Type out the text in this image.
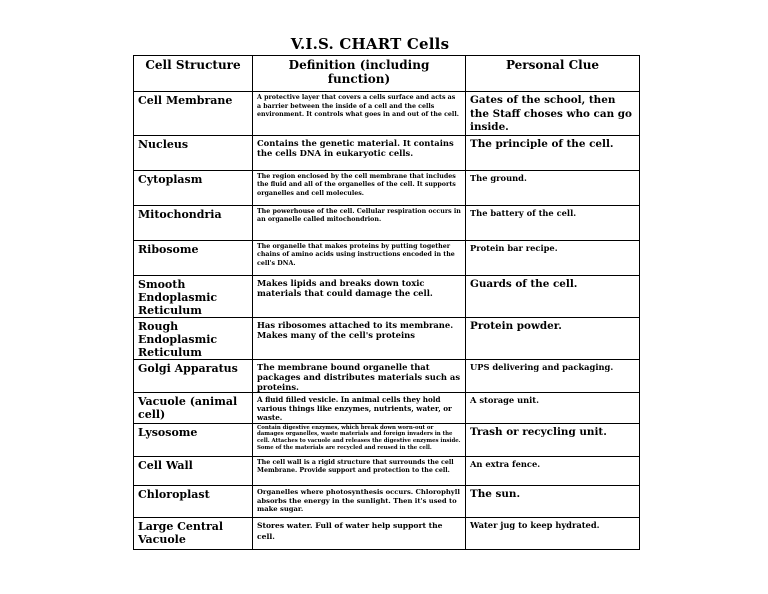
V.I.S. CHART Cells
Cell Structure	Definition (including function)	Personal Clue
Cell Membrane	A protective layer that covers a cells surface and acts as a barrier between the inside of a cell and the cells environment. It controls what goes in and out of the cell.	Gates of the school, then the Staff choses who can go inside.
Nucleus	Contains the genetic material. It contains the cells DNA in eukaryotic cells.	The principle of the cell.
Cytoplasm	The region enclosed by the cell membrane that includes the fluid and all of the organelles of the cell. It supports organelles and cell molecules.	The ground.
Mitochondria	The powerhouse of the cell. Cellular respiration occurs in an organelle called mitochondrion.	The battery of the cell.
Ribosome	The organelle that makes proteins by putting together chains of amino acids using instructions encoded in the cell's DNA.	Protein bar recipe.
Smooth Endoplasmic Reticulum	Makes lipids and breaks down toxic materials that could damage the cell.	Guards of the cell.
Rough Endoplasmic Reticulum	Has ribosomes attached to its membrane. Makes many of the cell's proteins	Protein powder.
Golgi Apparatus	The membrane bound organelle that packages and distributes materials such as proteins.	UPS delivering and packaging.
Vacuole (animal cell)	A fluid filled vesicle. In animal cells they hold various things like enzymes, nutrients, water, or waste.	A storage unit.
Lysosome	Contain digestive enzymes, which break down worn-out or damages organelles, waste materials and foreign invaders in the cell. Attaches to vacuole and releases the digestive enzymes inside. Some of the materials are recycled and reused in the cell.	Trash or recycling unit.
Cell Wall	The cell wall is a rigid structure that surrounds the cell Membrane. Provide support and protection to the cell.	An extra fence.
Chloroplast	Organelles where photosynthesis occurs. Chlorophyll absorbs the energy in the sunlight. Then it's used to make sugar.	The sun.
Large Central Vacuole	Stores water. Full of water help support the cell.	Water jug to keep hydrated.
